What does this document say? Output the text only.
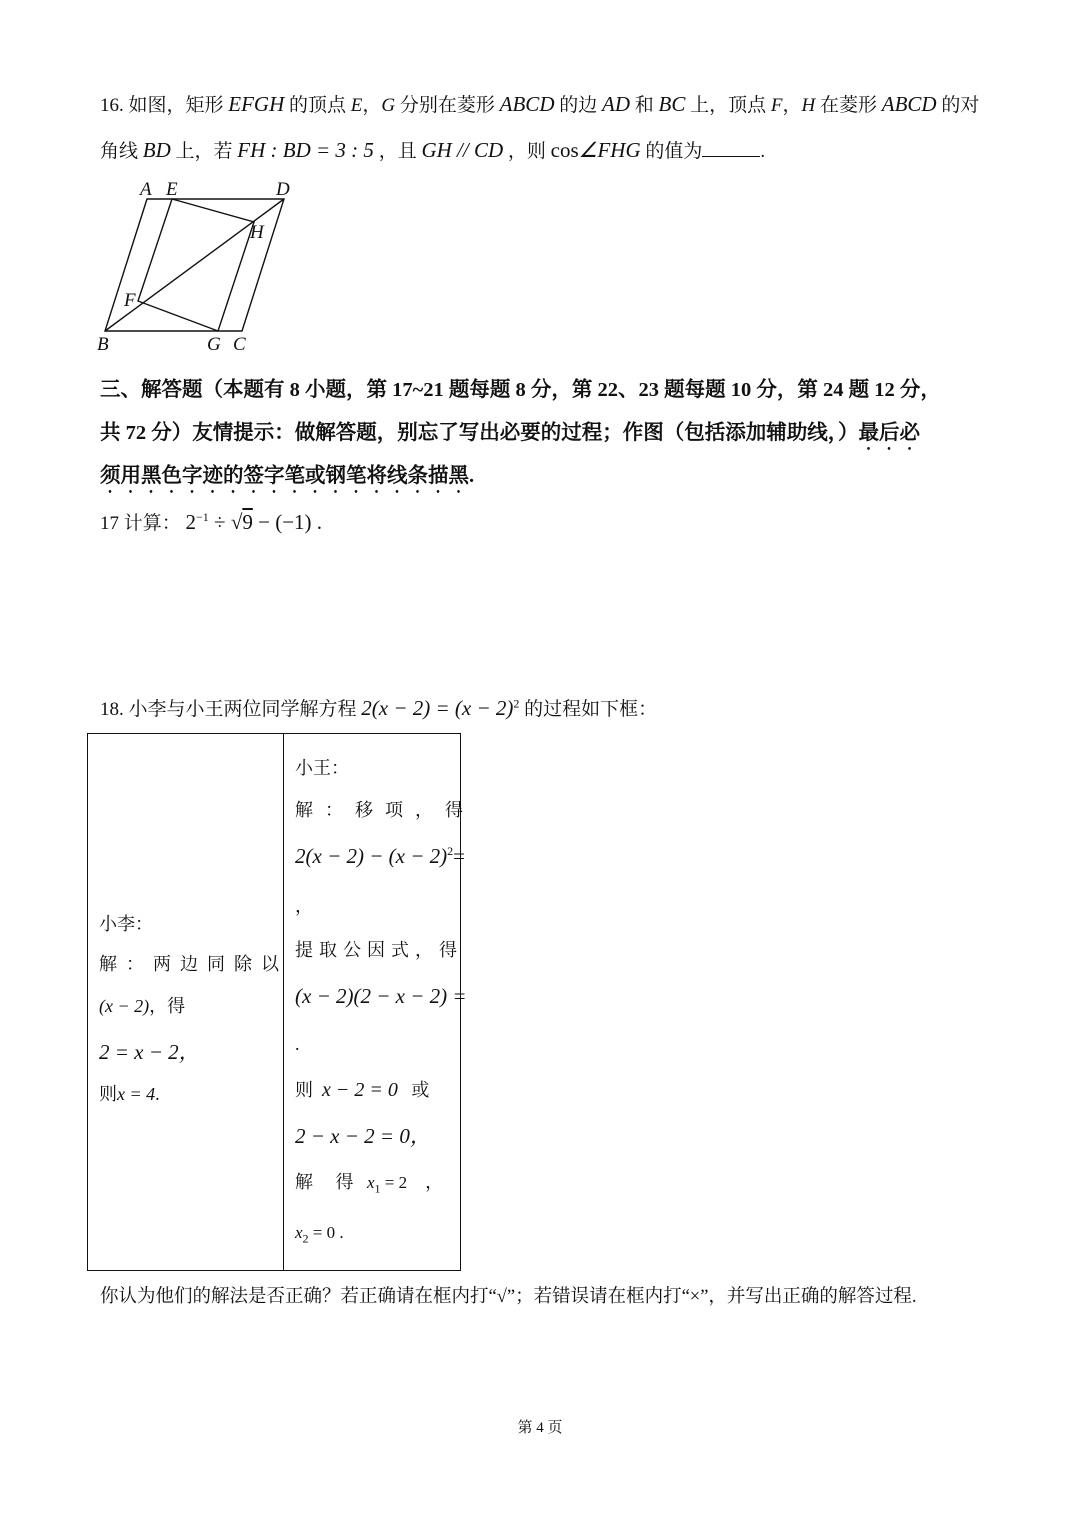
16. 如图，矩形 EFGH 的顶点 E，G 分别在菱形 ABCD 的边 AD 和 BC 上，顶点 F，H 在菱形 ABCD 的对
角线 BD 上，若 FH : BD = 3 : 5 ，且 GH // CD ，则 cos∠FHG 的值为	.
A E	D
H
F
B	G C
三、解答题（本题有 8 小题，第 17~21 题每题 8 分，第 22、23 题每题 10 分，第 24 题 12 分，
共 72 分）友情提示：做解答题，别忘了写出必要的过程；作图（包括添加辅助线，）最后必
须用黑色字迹的签字笔或钢笔将线条描黑.
17 计算： $2^{-1} \div √9 - (-1)$ .
18. 小李与小王两位同学解方程 $2(x - 2) = (x - 2)^2$ 的过程如下框：
小李：
解：两边同除以
(x − 2)，得
2 = x − 2，
则x = 4.

小王：
解：移项，得
$2(x - 2) - (x - 2)^2=$
，
提取公因式，得
(x − 2)(2 − x − 2) =
.
则 x − 2 = 0 或
2 − x − 2 = 0，
解 得 $x_1 = 2$ ，
$x_2 = 0$ .
你认为他们的解法是否正确？若正确请在框内打“√”；若错误请在框内打“×”，并写出正确的解答过程.
第 4 页
